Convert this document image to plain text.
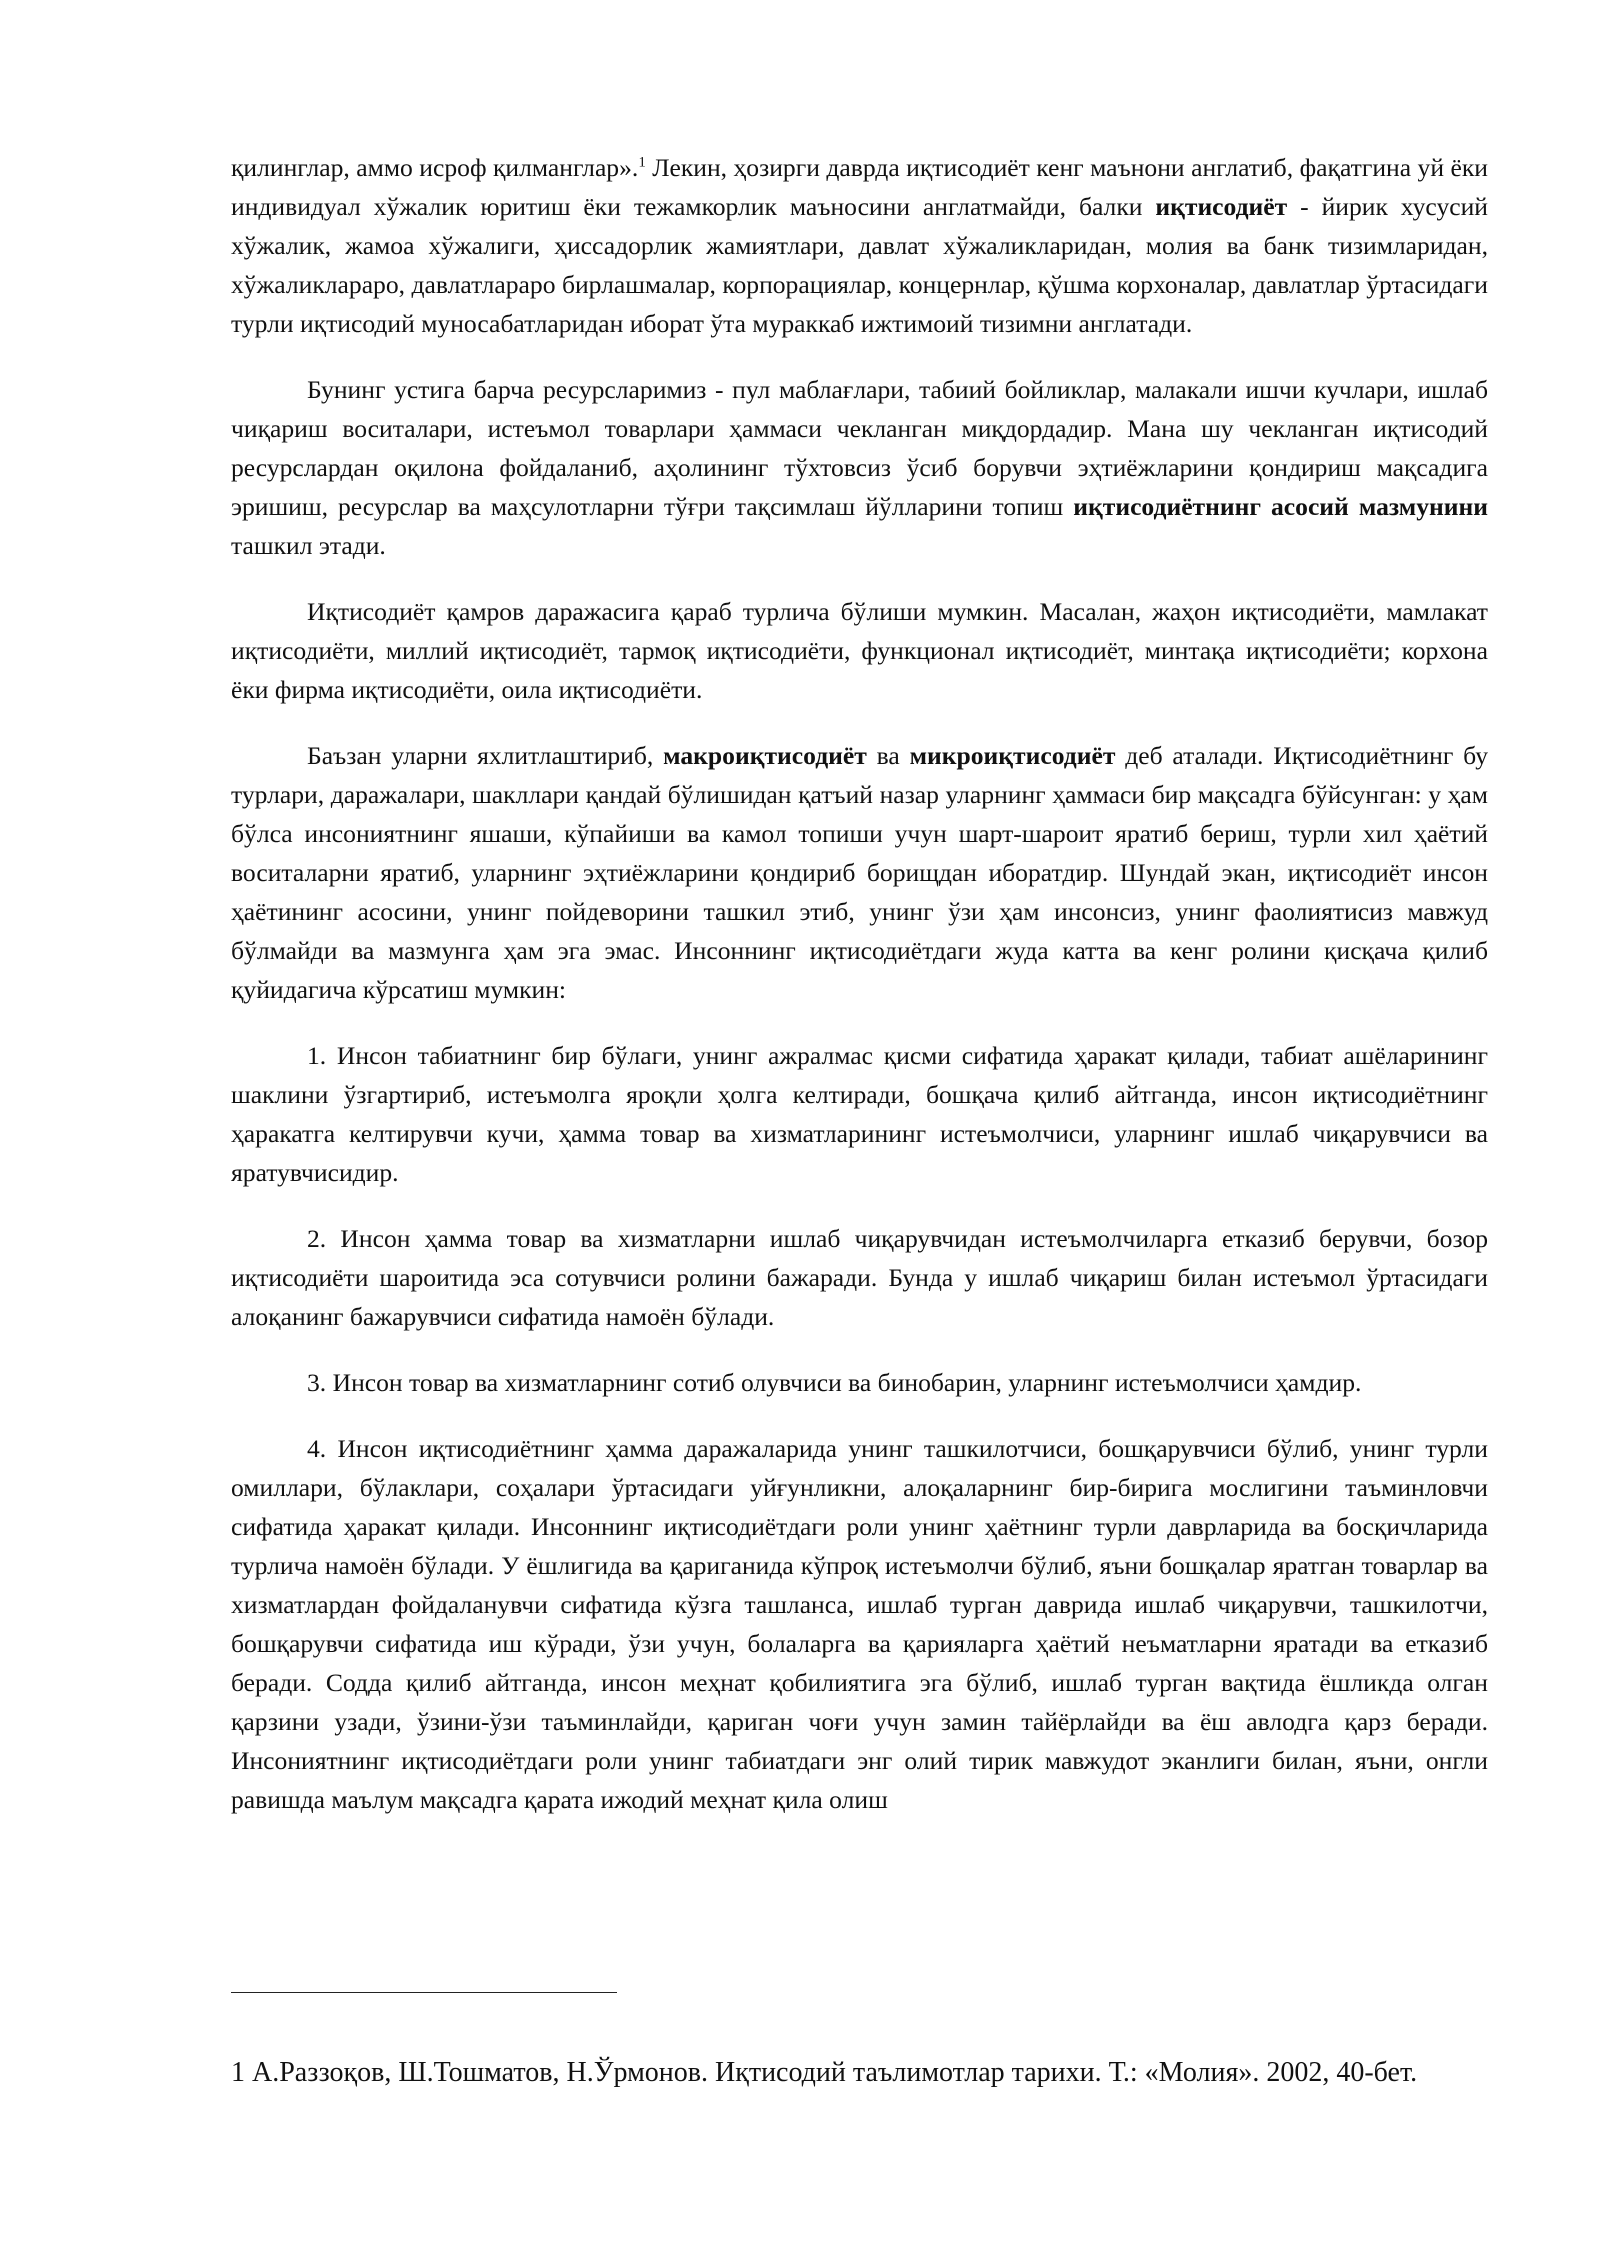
қилинглар, аммо исроф қилманглар».$^1$ Лекин, ҳозирги даврда иқтисодиёт кенг маънони англатиб, фақатгина уй ёки индивидуал хўжалик юритиш ёки тежамкорлик маъносини англатмайди, балки иқтисодиёт - йирик хусусий хўжалик, жамоа хўжалиги, ҳиссадорлик жамиятлари, давлат хўжаликларидан, молия ва банк тизимларидан, хўжаликлараро, давлатлараро бирлашмалар, корпорациялар, концернлар, қўшма корхоналар, давлатлар ўртасидаги турли иқтисодий муносабатларидан иборат ўта мураккаб ижтимоий тизимни англатади.

Бунинг устига барча ресурсларимиз - пул маблағлари, табиий бойликлар, малакали ишчи кучлари, ишлаб чиқариш воситалари, истеъмол товарлари ҳаммаси чекланган миқдордадир. Мана шу чекланган иқтисодий ресурслардан оқилона фойдаланиб, аҳолининг тўхтовсиз ўсиб борувчи эҳтиёжларини қондириш мақсадига эришиш, ресурслар ва маҳсулотларни тўғри тақсимлаш йўлларини топиш иқтисодиётнинг асосий мазмунини ташкил этади.

Иқтисодиёт қамров даражасига қараб турлича бўлиши мумкин. Масалан, жаҳон иқтисодиёти, мамлакат иқтисодиёти, миллий иқтисодиёт, тармоқ иқтисодиёти, функционал иқтисодиёт, минтақа иқтисодиёти; корхона ёки фирма иқтисодиёти, оила иқтисодиёти.

Баъзан уларни яхлитлаштириб, макроиқтисодиёт ва микроиқтисодиёт деб аталади. Иқтисодиётнинг бу турлари, даражалари, шакллари қандай бўлишидан қатъий назар уларнинг ҳаммаси бир мақсадга бўйсунган: у ҳам бўлса инсониятнинг яшаши, кўпайиши ва камол топиши учун шарт-шароит яратиб бериш, турли хил ҳаётий воситаларни яратиб, уларнинг эҳтиёжларини қондириб борищдан иборатдир. Шундай экан, иқтисодиёт инсон ҳаётининг асосини, унинг пойдеворини ташкил этиб, унинг ўзи ҳам инсонсиз, унинг фаолиятисиз мавжуд бўлмайди ва мазмунга ҳам эга эмас. Инсоннинг иқтисодиётдаги жуда катта ва кенг ролини қисқача қилиб қуйидагича кўрсатиш мумкин:

1. Инсон табиатнинг бир бўлаги, унинг ажралмас қисми сифатида ҳаракат қилади, табиат ашёларининг шаклини ўзгартириб, истеъмолга яроқли ҳолга келтиради, бошқача қилиб айтганда, инсон иқтисодиётнинг ҳаракатга келтирувчи кучи, ҳамма товар ва хизматларининг истеъмолчиси, уларнинг ишлаб чиқарувчиси ва яратувчисидир.

2. Инсон ҳамма товар ва хизматларни ишлаб чиқарувчидан истеъмолчиларга етказиб берувчи, бозор иқтисодиёти шароитида эса сотувчиси ролини бажаради. Бунда у ишлаб чиқариш билан истеъмол ўртасидаги алоқанинг бажарувчиси сифатида намоён бўлади.

3. Инсон товар ва хизматларнинг сотиб олувчиси ва бинобарин, уларнинг истеъмолчиси ҳамдир.

4. Инсон иқтисодиётнинг ҳамма даражаларида унинг ташкилотчиси, бошқарувчиси бўлиб, унинг турли омиллари, бўлаклари, соҳалари ўртасидаги уйғунликни, алоқаларнинг бир-бирига мослигини таъминловчи сифатида ҳаракат қилади. Инсоннинг иқтисодиётдаги роли унинг ҳаётнинг турли даврларида ва босқичларида турлича намоён бўлади. У ёшлигида ва қариганида кўпроқ истеъмолчи бўлиб, яъни бошқалар яратган товарлар ва хизматлардан фойдаланувчи сифатида кўзга ташланса, ишлаб турган даврида ишлаб чиқарувчи, ташкилотчи, бошқарувчи сифатида иш кўради, ўзи учун, болаларга ва қарияларга ҳаётий неъматларни яратади ва етказиб беради. Содда қилиб айтганда, инсон меҳнат қобилиятига эга бўлиб, ишлаб турган вақтида ёшликда олган қарзини узади, ўзини-ўзи таъминлайди, қариган чоғи учун замин тайёрлайди ва ёш авлодга қарз беради. Инсониятнинг иқтисодиётдаги роли унинг табиатдаги энг олий тирик мавжудот эканлиги билан, яъни, онгли равишда маълум мақсадга қарата ижодий меҳнат қила олиш

1 А.Раззоқов, Ш.Тошматов, Н.Ўрмонов. Иқтисодий таълимотлар тарихи. Т.: «Молия». 2002, 40-бет.
